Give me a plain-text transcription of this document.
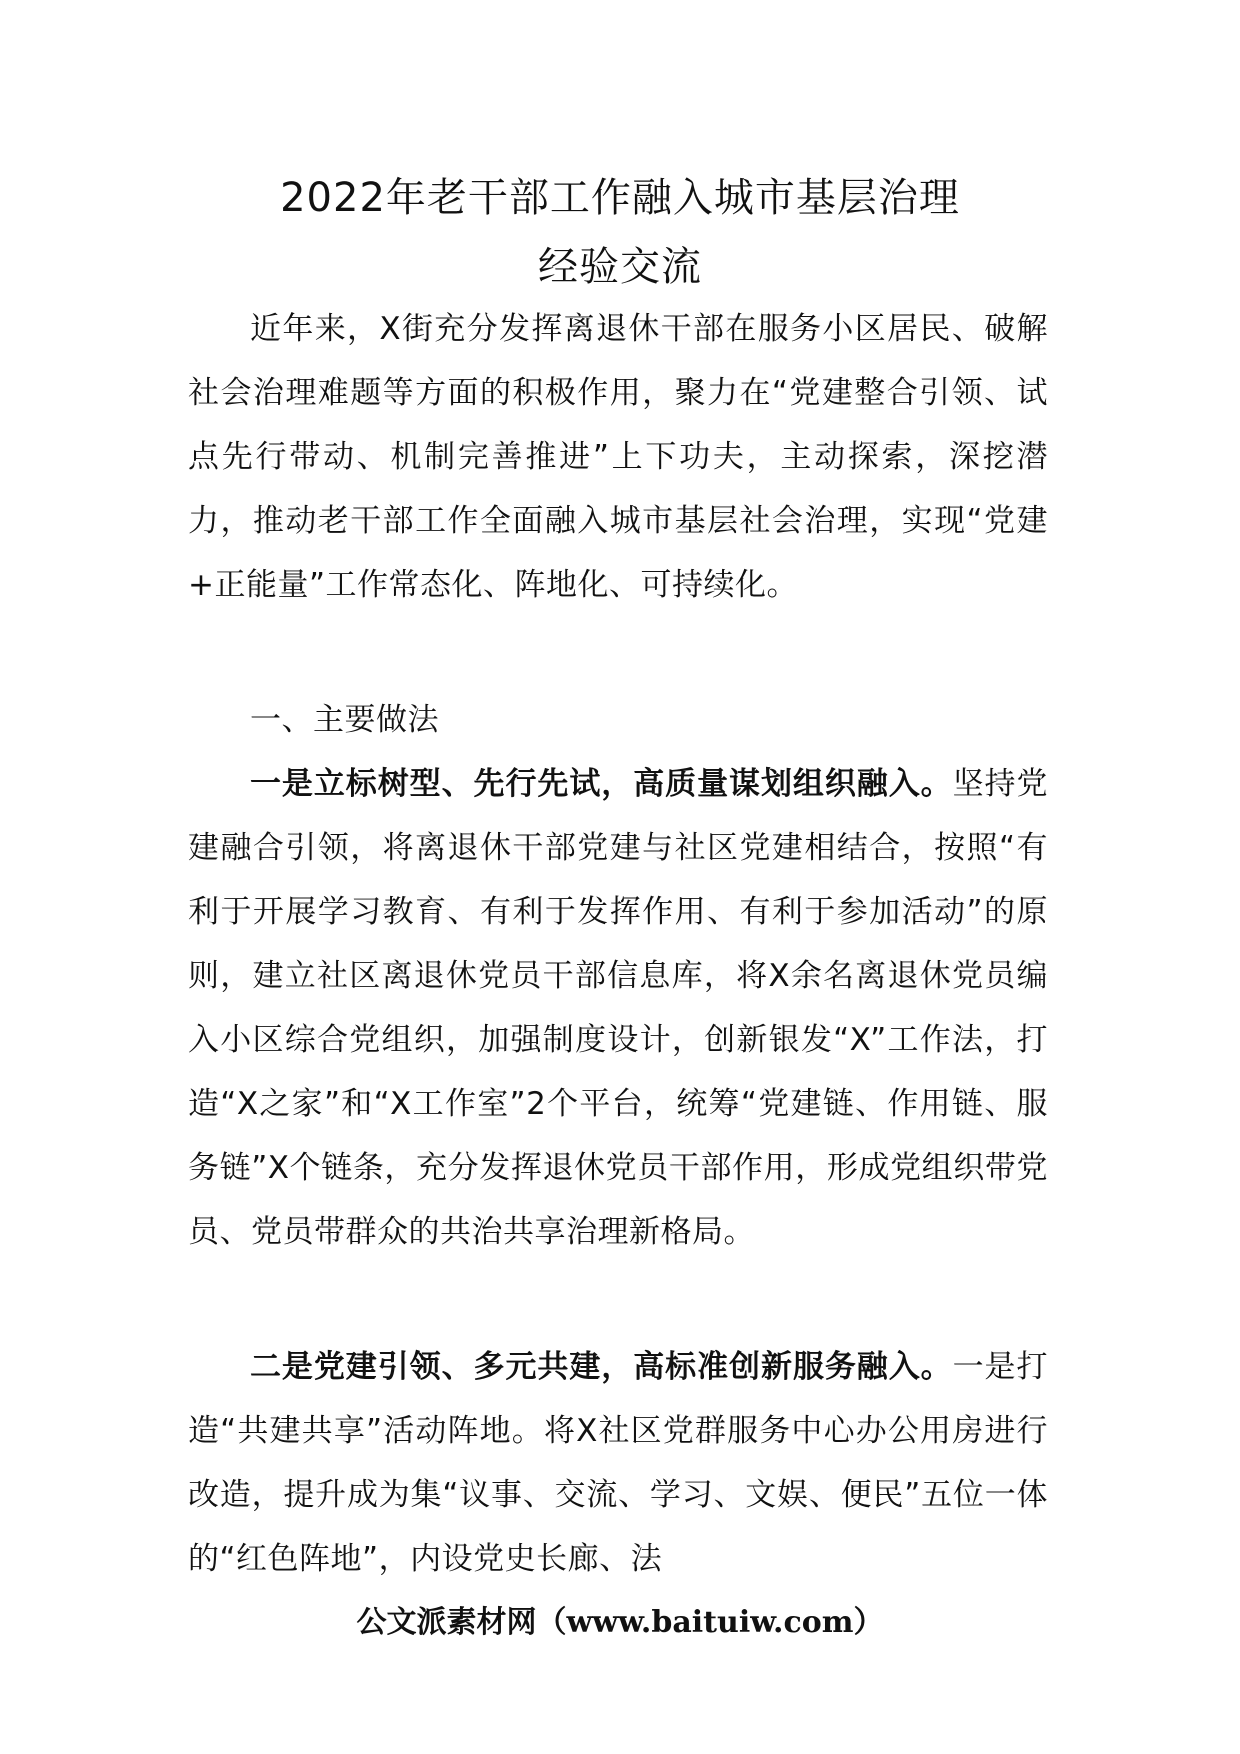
2022年老干部工作融入城市基层治理
经验交流

近年来，X街充分发挥离退休干部在服务小区居民、破解社会治理难题等方面的积极作用，聚力在“党建整合引领、试点先行带动、机制完善推进”上下功夫，主动探索，深挖潜力，推动老干部工作全面融入城市基层社会治理，实现“党建+正能量”工作常态化、阵地化、可持续化。

一、主要做法

一是立标树型、先行先试，高质量谋划组织融入。坚持党建融合引领，将离退休干部党建与社区党建相结合，按照“有利于开展学习教育、有利于发挥作用、有利于参加活动”的原则，建立社区离退休党员干部信息库，将X余名离退休党员编入小区综合党组织，加强制度设计，创新银发“X”工作法，打造“X之家”和“X工作室”2个平台，统筹“党建链、作用链、服务链”X个链条，充分发挥退休党员干部作用，形成党组织带党员、党员带群众的共治共享治理新格局。

二是党建引领、多元共建，高标准创新服务融入。一是打造“共建共享”活动阵地。将X社区党群服务中心办公用房进行改造，提升成为集“议事、交流、学习、文娱、便民”五位一体的“红色阵地”，内设党史长廊、法

公文派素材网（www.baituiw.com）
